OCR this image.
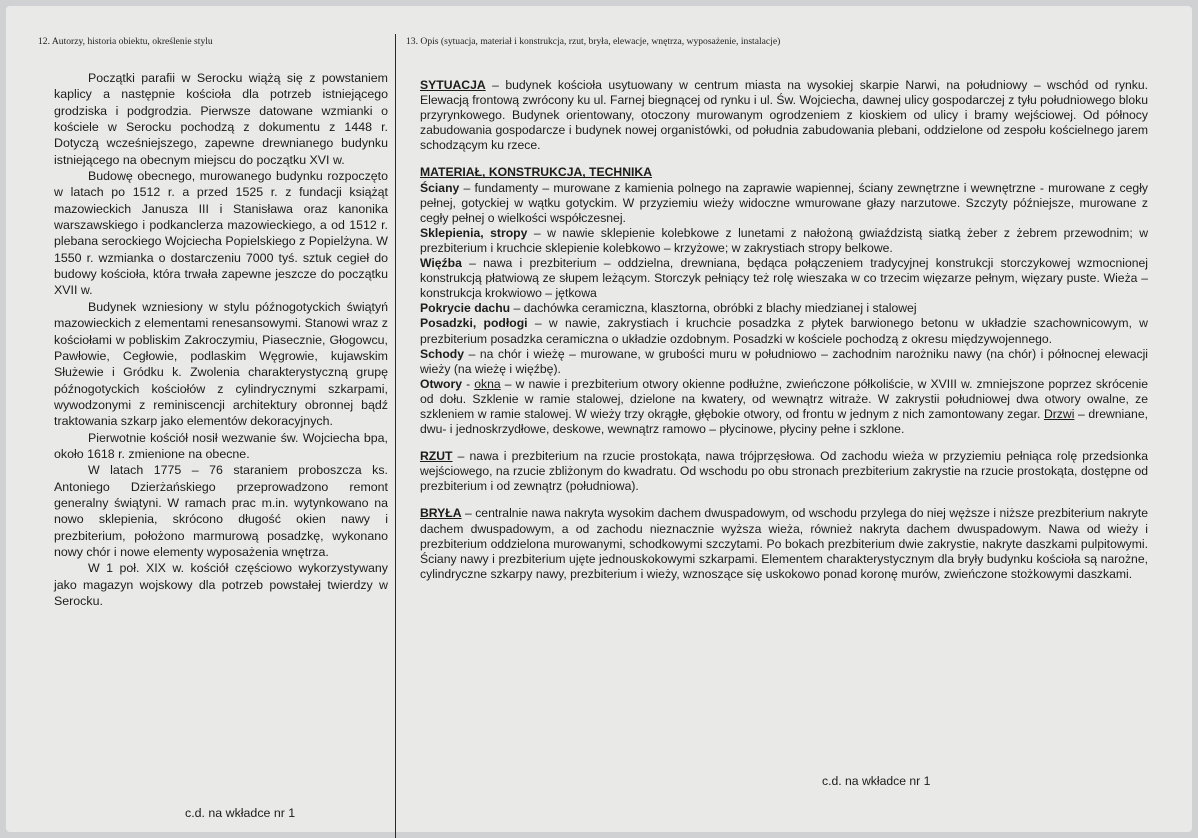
12. Autorzy, historia obiektu, określenie stylu

Początki parafii w Serocku wiążą się z powstaniem kaplicy a następnie kościoła dla potrzeb istniejącego grodziska i podgrodzia. Pierwsze datowane wzmianki o kościele w Serocku pochodzą z dokumentu z 1448 r. Dotyczą wcześniejszego, zapewne drewnianego budynku istniejącego na obecnym miejscu do początku XVI w.

Budowę obecnego, murowanego budynku rozpoczęto w latach po 1512 r. a przed 1525 r. z fundacji książąt mazowieckich Janusza III i Stanisława oraz kanonika warszawskiego i podkanclerza mazowieckiego, a od 1512 r. plebana serockiego Wojciecha Popielskiego z Popielżyna. W 1550 r. wzmianka o dostarczeniu 7000 tyś. sztuk cegieł do budowy kościoła, która trwała zapewne jeszcze do początku XVII w.

Budynek wzniesiony w stylu późnogotyckich świątyń mazowieckich z elementami renesansowymi. Stanowi wraz z kościołami w pobliskim Zakroczymiu, Piasecznie, Głogowcu, Pawłowie, Cegłowie, podlaskim Węgrowie, kujawskim Służewie i Gródku k. Zwolenia charakterystyczną grupę późnogotyckich kościołów z cylindrycznymi szkarpami, wywodzonymi z reminiscencji architektury obronnej bądź traktowania szkarp jako elementów dekoracyjnych.

Pierwotnie kościół nosił wezwanie św. Wojciecha bpa, około 1618 r. zmienione na obecne.

W latach 1775 – 76 staraniem proboszcza ks. Antoniego Dzierżańskiego przeprowadzono remont generalny świątyni. W ramach prac m.in. wytynkowano na nowo sklepienia, skrócono długość okien nawy i prezbiterium, położono marmurową posadzkę, wykonano nowy chór i nowe elementy wyposażenia wnętrza.

W 1 poł. XIX w. kościół częściowo wykorzystywany jako magazyn wojskowy dla potrzeb powstałej twierdzy w Serocku.

c.d. na wkładce nr 1
13. Opis (sytuacja, materiał i konstrukcja, rzut, bryła, elewacje, wnętrza, wyposażenie, instalacje)

SYTUACJA – budynek kościoła usytuowany w centrum miasta na wysokiej skarpie Narwi, na południowy – wschód od rynku. Elewacją frontową zwrócony ku ul. Farnej biegnącej od rynku i ul. Św. Wojciecha, dawnej ulicy gospodarczej z tyłu południowego bloku przyrynkowego. Budynek orientowany, otoczony murowanym ogrodzeniem z kioskiem od ulicy i bramy wejściowej. Od północy zabudowania gospodarcze i budynek nowej organistówki, od południa zabudowania plebani, oddzielone od zespołu kościelnego jarem schodzącym ku rzece.

MATERIAŁ, KONSTRUKCJA, TECHNIKA

Ściany – fundamenty – murowane z kamienia polnego na zaprawie wapiennej, ściany zewnętrzne i wewnętrzne - murowane z cegły pełnej, gotyckiej w wątku gotyckim. W przyziemiu wieży widoczne wmurowane głazy narzutowe. Szczyty późniejsze, murowane z cegły pełnej o wielkości współczesnej.

Sklepienia, stropy – w nawie sklepienie kolebkowe z lunetami z nałożoną gwiaździstą siatką żeber z żebrem przewodnim; w prezbiterium i kruchcie sklepienie kolebkowo – krzyżowe; w zakrystiach stropy belkowe.

Więźba – nawa i prezbiterium – oddzielna, drewniana, będąca połączeniem tradycyjnej konstrukcji storczykowej wzmocnionej konstrukcją płatwiową ze słupem leżącym. Storczyk pełniący też rolę wieszaka w co trzecim więzarze pełnym, więzary puste. Wieża – konstrukcja krokwiowo – jętkowa

Pokrycie dachu – dachówka ceramiczna, klasztorna, obróbki z blachy miedzianej i stalowej

Posadzki, podłogi – w nawie, zakrystiach i kruchcie posadzka z płytek barwionego betonu w układzie szachownicowym, w prezbiterium posadzka ceramiczna o układzie ozdobnym. Posadzki w kościele pochodzą z okresu międzywojennego.

Schody – na chór i wieżę – murowane, w grubości muru w południowo – zachodnim narożniku nawy (na chór) i północnej elewacji wieży (na wieżę i więźbę).

Otwory - okna – w nawie i prezbiterium otwory okienne podłużne, zwieńczone półkoliście, w XVIII w. zmniejszone poprzez skrócenie od dołu. Szklenie w ramie stalowej, dzielone na kwatery, od wewnątrz witraże. W zakrystii południowej dwa otwory owalne, ze szkleniem w ramie stalowej. W wieży trzy okrągłe, głębokie otwory, od frontu w jednym z nich zamontowany zegar. Drzwi – drewniane, dwu- i jednoskrzydłowe, deskowe, wewnątrz ramowo – płycinowe, płyciny pełne i szklone.

RZUT – nawa i prezbiterium na rzucie prostokąta, nawa trójprzęsłowa. Od zachodu wieża w przyziemiu pełniąca rolę przedsionka wejściowego, na rzucie zbliżonym do kwadratu. Od wschodu po obu stronach prezbiterium zakrystie na rzucie prostokąta, dostępne od prezbiterium i od zewnątrz (południowa).

BRYŁA – centralnie nawa nakryta wysokim dachem dwuspadowym, od wschodu przylega do niej węższe i niższe prezbiterium nakryte dachem dwuspadowym, a od zachodu nieznacznie wyższa wieża, również nakryta dachem dwuspadowym. Nawa od wieży i prezbiterium oddzielona murowanymi, schodkowymi szczytami. Po bokach prezbiterium dwie zakrystie, nakryte daszkami pulpitowymi. Ściany nawy i prezbiterium ujęte jednouskokowymi szkarpami. Elementem charakterystycznym dla bryły budynku kościoła są narożne, cylindryczne szkarpy nawy, prezbiterium i wieży, wznoszące się uskokowo ponad koronę murów, zwieńczone stożkowymi daszkami.

c.d. na wkładce nr 1
